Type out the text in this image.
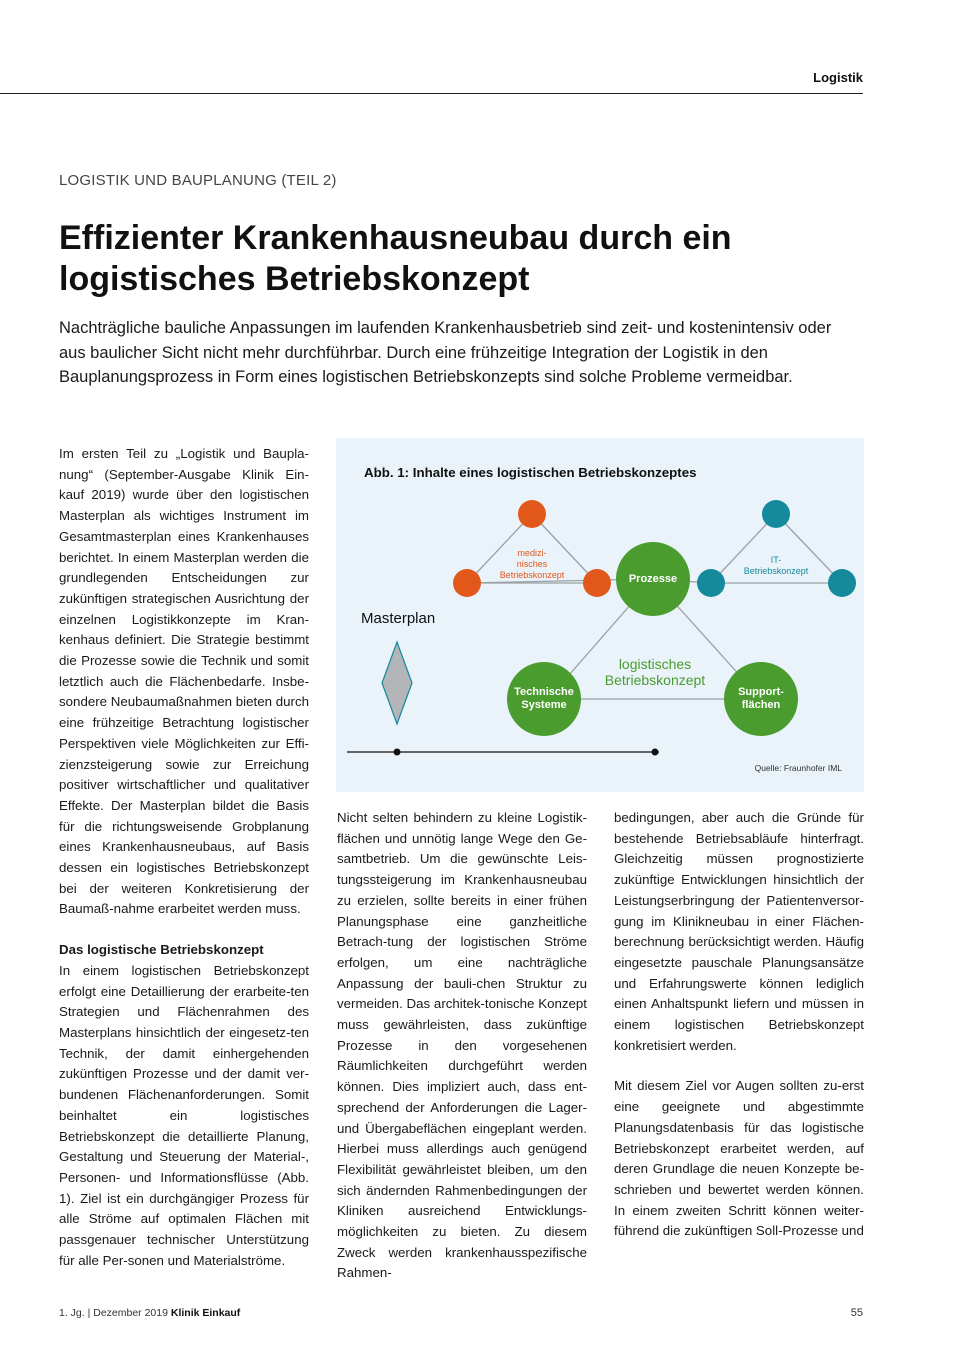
Logistik
LOGISTIK UND BAUPLANUNG (TEIL 2)
Effizienter Krankenhausneubau durch ein logistisches Betriebskonzept

Nachträgliche bauliche Anpassungen im laufenden Krankenhausbetrieb sind zeit- und kostenintensiv oder aus baulicher Sicht nicht mehr durchführbar. Durch eine frühzeitige Integration der Logistik in den Bauplanungsprozess in Form eines logistischen Betriebskonzepts sind solche Probleme vermeidbar.

Im ersten Teil zu „Logistik und Baupla-nung“ (September-Ausgabe Klinik Ein-kauf 2019) wurde über den logistischen Masterplan als wichtiges Instrument im Gesamtmasterplan eines Krankenhauses berichtet. In einem Masterplan werden die grundlegenden Entscheidungen zur zukünftigen strategischen Ausrichtung der einzelnen Logistikkonzepte im Kran-kenhaus definiert. Die Strategie bestimmt die Prozesse sowie die Technik und somit letztlich auch die Flächenbedarfe. Insbe-sondere Neubaumaßnahmen bieten durch eine frühzeitige Betrachtung logistischer Perspektiven viele Möglichkeiten zur Effi-zienzsteigerung sowie zur Erreichung positiver wirtschaftlicher und qualitativer Effekte. Der Masterplan bildet die Basis für die richtungsweisende Grobplanung eines Krankenhausneubaus, auf Basis dessen ein logistisches Betriebskonzept bei der weiteren Konkretisierung der Baumaß-nahme erarbeitet werden muss.

Das logistische Betriebskonzept

In einem logistischen Betriebskonzept erfolgt eine Detaillierung der erarbeite-ten Strategien und Flächenrahmen des Masterplans hinsichtlich der eingesetz-ten Technik, der damit einhergehenden zukünftigen Prozesse und der damit ver-bundenen Flächenanforderungen. Somit beinhaltet ein logistisches Betriebskonzept die detaillierte Planung, Gestaltung und Steuerung der Material-, Personen- und Informationsflüsse (Abb. 1). Ziel ist ein durchgängiger Prozess für alle Ströme auf optimalen Flächen mit passgenauer technischer Unterstützung für alle Per-sonen und Materialströme.

Abb. 1: Inhalte eines logistischen Betriebskonzeptes
Masterplan
medizi-
nisches
Betriebskonzept
IT-
Betriebskonzept
Prozesse
Technische
Systeme
Support-
flächen
logistisches
Betriebskonzept
Quelle: Fraunhofer IML

Nicht selten behindern zu kleine Logistik-flächen und unnötig lange Wege den Ge-samtbetrieb. Um die gewünschte Leis-tungssteigerung im Krankenhausneubau zu erzielen, sollte bereits in einer frühen Planungsphase eine ganzheitliche Betrach-tung der logistischen Ströme erfolgen, um eine nachträgliche Anpassung der bauli-chen Struktur zu vermeiden. Das architek-tonische Konzept muss gewährleisten, dass zukünftige Prozesse in den vorgesehenen Räumlichkeiten durchgeführt werden können. Dies impliziert auch, dass ent-sprechend der Anforderungen die Lager- und Übergabeflächen eingeplant werden. Hierbei muss allerdings auch genügend Flexibilität gewährleistet bleiben, um den sich ändernden Rahmenbedingungen der Kliniken ausreichend Entwicklungs-möglichkeiten zu bieten. Zu diesem Zweck werden krankenhausspezifische Rahmen-

bedingungen, aber auch die Gründe für bestehende Betriebsabläufe hinterfragt. Gleichzeitig müssen prognostizierte zukünftige Entwicklungen hinsichtlich der Leistungserbringung der Patientenversor-gung im Klinikneubau in einer Flächen-berechnung berücksichtigt werden. Häufig eingesetzte pauschale Planungsansätze und Erfahrungswerte können lediglich einen Anhaltspunkt liefern und müssen in einem logistischen Betriebskonzept konkretisiert werden.

Mit diesem Ziel vor Augen sollten zu-erst eine geeignete und abgestimmte Planungsdatenbasis für das logistische Betriebskonzept erarbeitet werden, auf deren Grundlage die neuen Konzepte be-schrieben und bewertet werden können. In einem zweiten Schritt können weiter-führend die zukünftigen Soll-Prozesse und

1. Jg. | Dezember 2019 Klinik Einkauf	55
